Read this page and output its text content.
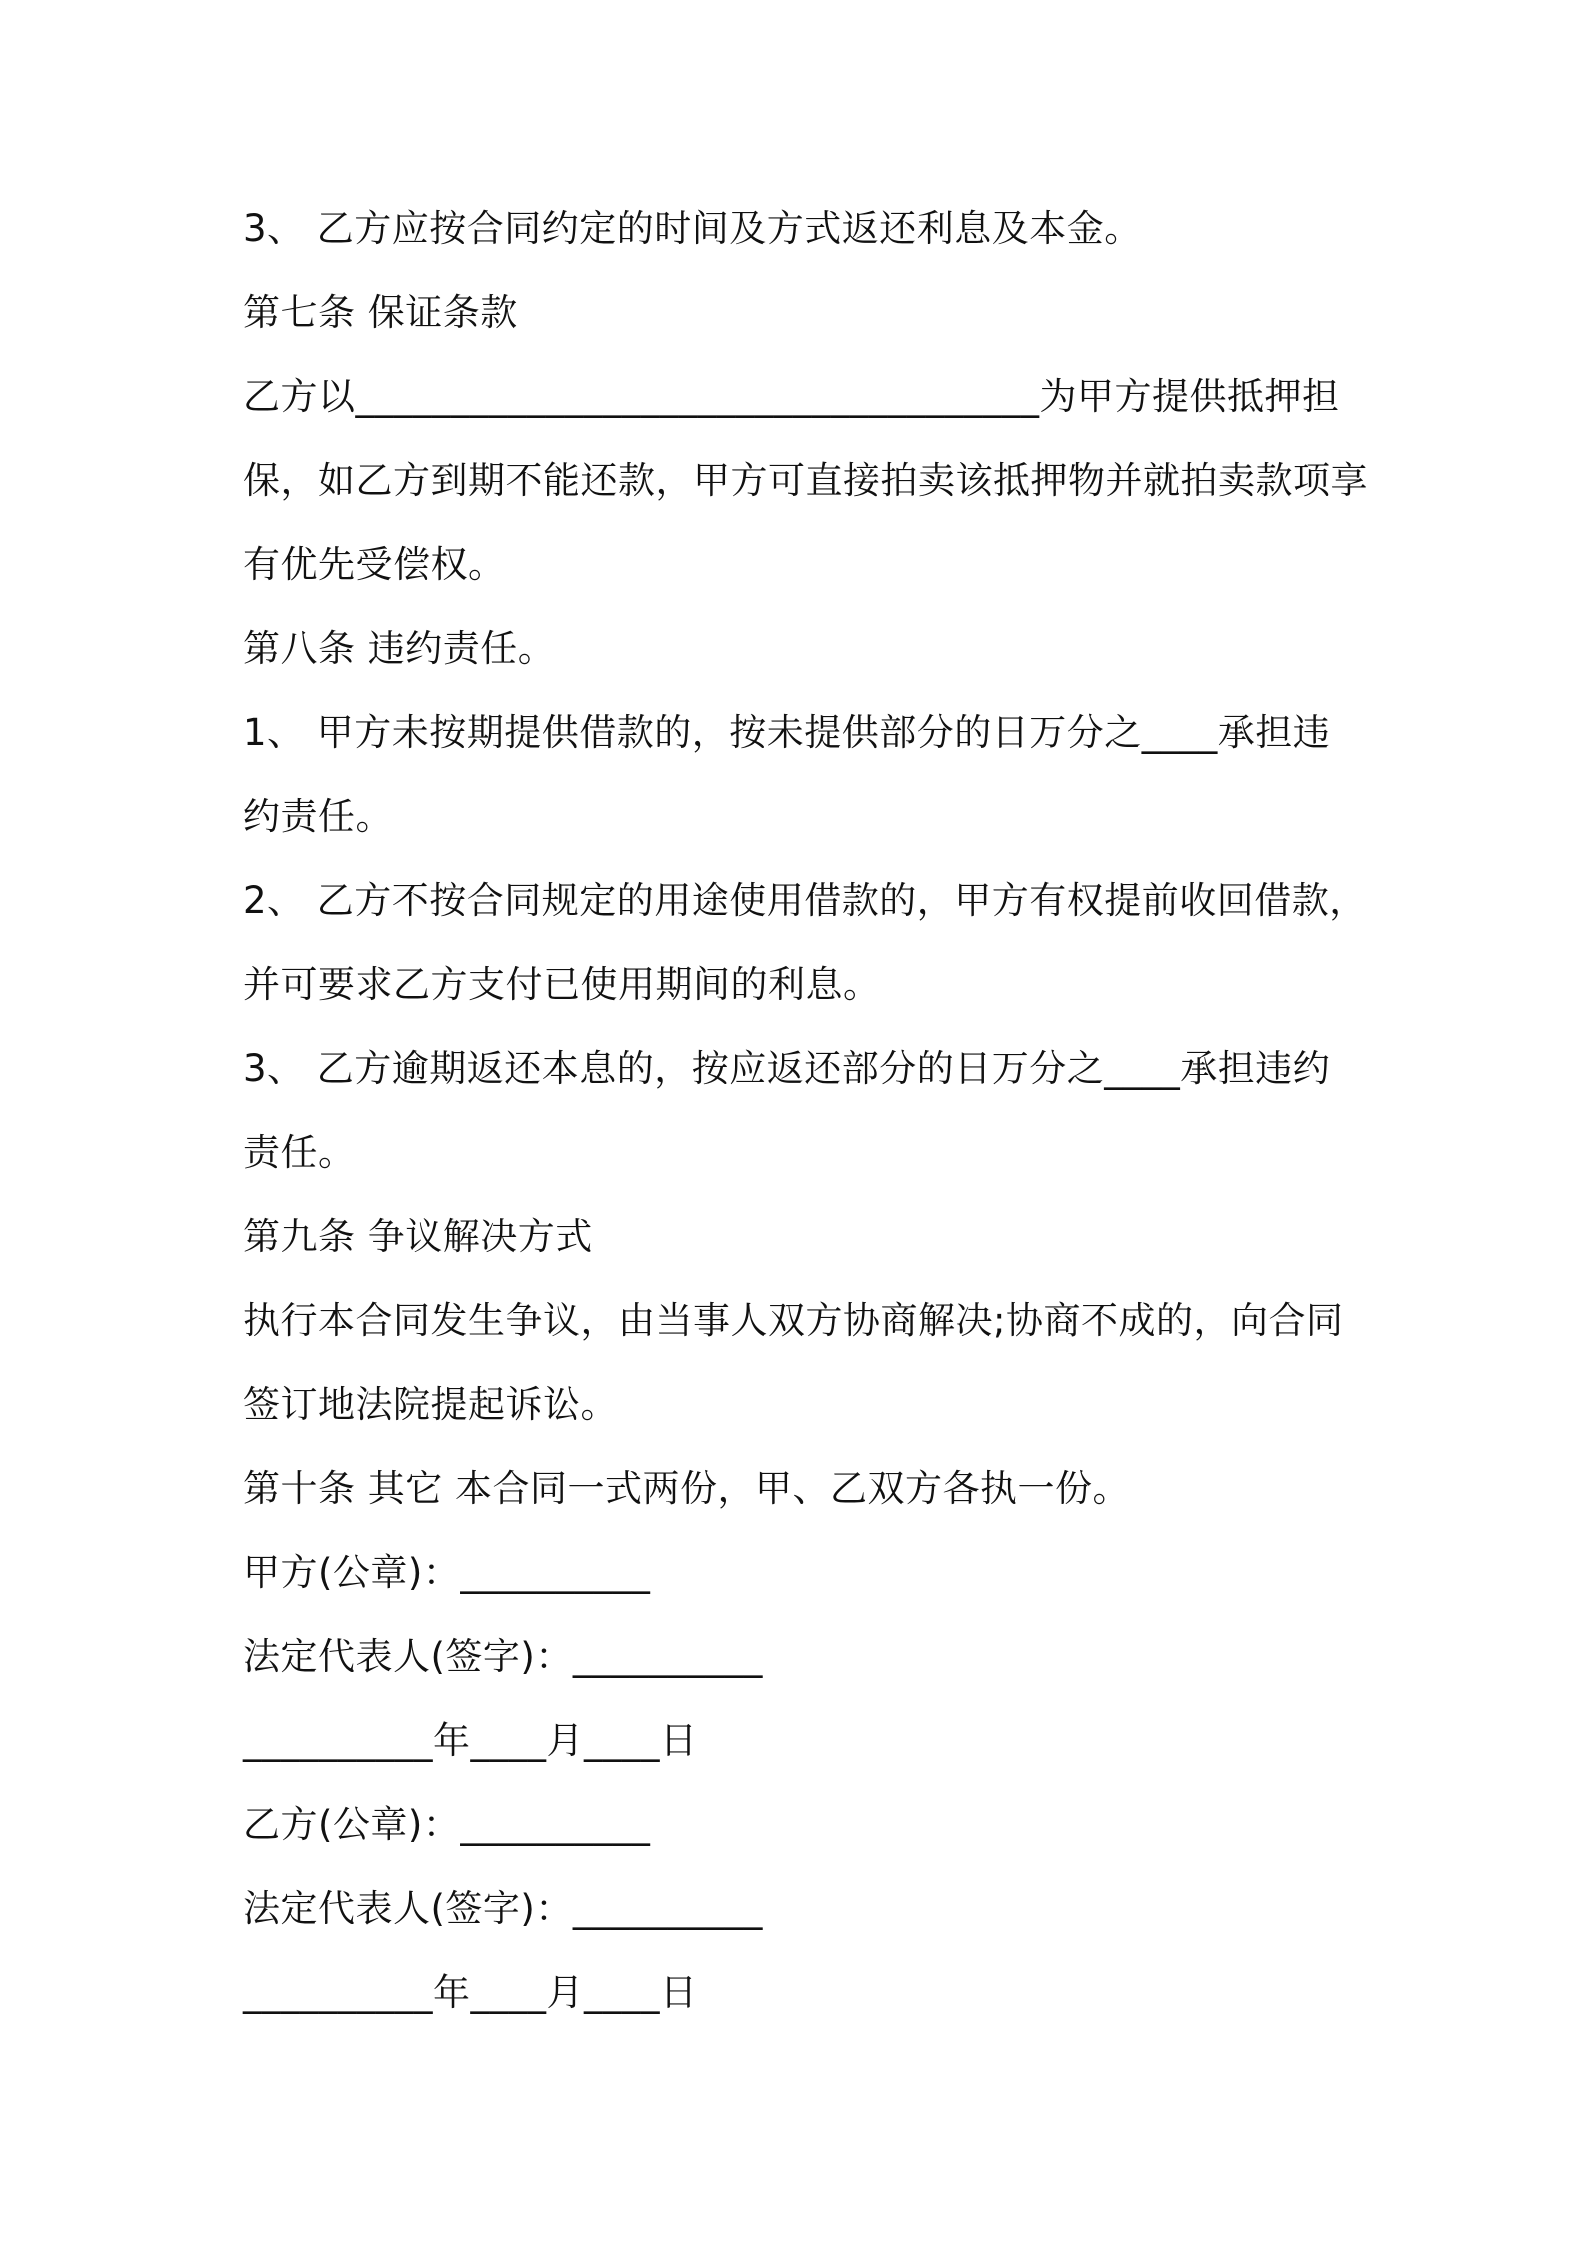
3、 乙方应按合同约定的时间及方式返还利息及本金。
第七条 保证条款
乙方以____________________________________为甲方提供抵押担
保，如乙方到期不能还款，甲方可直接拍卖该抵押物并就拍卖款项享
有优先受偿权。
第八条 违约责任。
1、 甲方未按期提供借款的，按未提供部分的日万分之____承担违
约责任。
2、 乙方不按合同规定的用途使用借款的，甲方有权提前收回借款，
并可要求乙方支付已使用期间的利息。
3、 乙方逾期返还本息的，按应返还部分的日万分之____承担违约
责任。
第九条 争议解决方式
执行本合同发生争议，由当事人双方协商解决;协商不成的，向合同
签订地法院提起诉讼。
第十条 其它 本合同一式两份，甲、乙双方各执一份。
甲方(公章)：__________
法定代表人(签字)：__________
__________年____月____日
乙方(公章)：__________
法定代表人(签字)：__________
__________年____月____日
